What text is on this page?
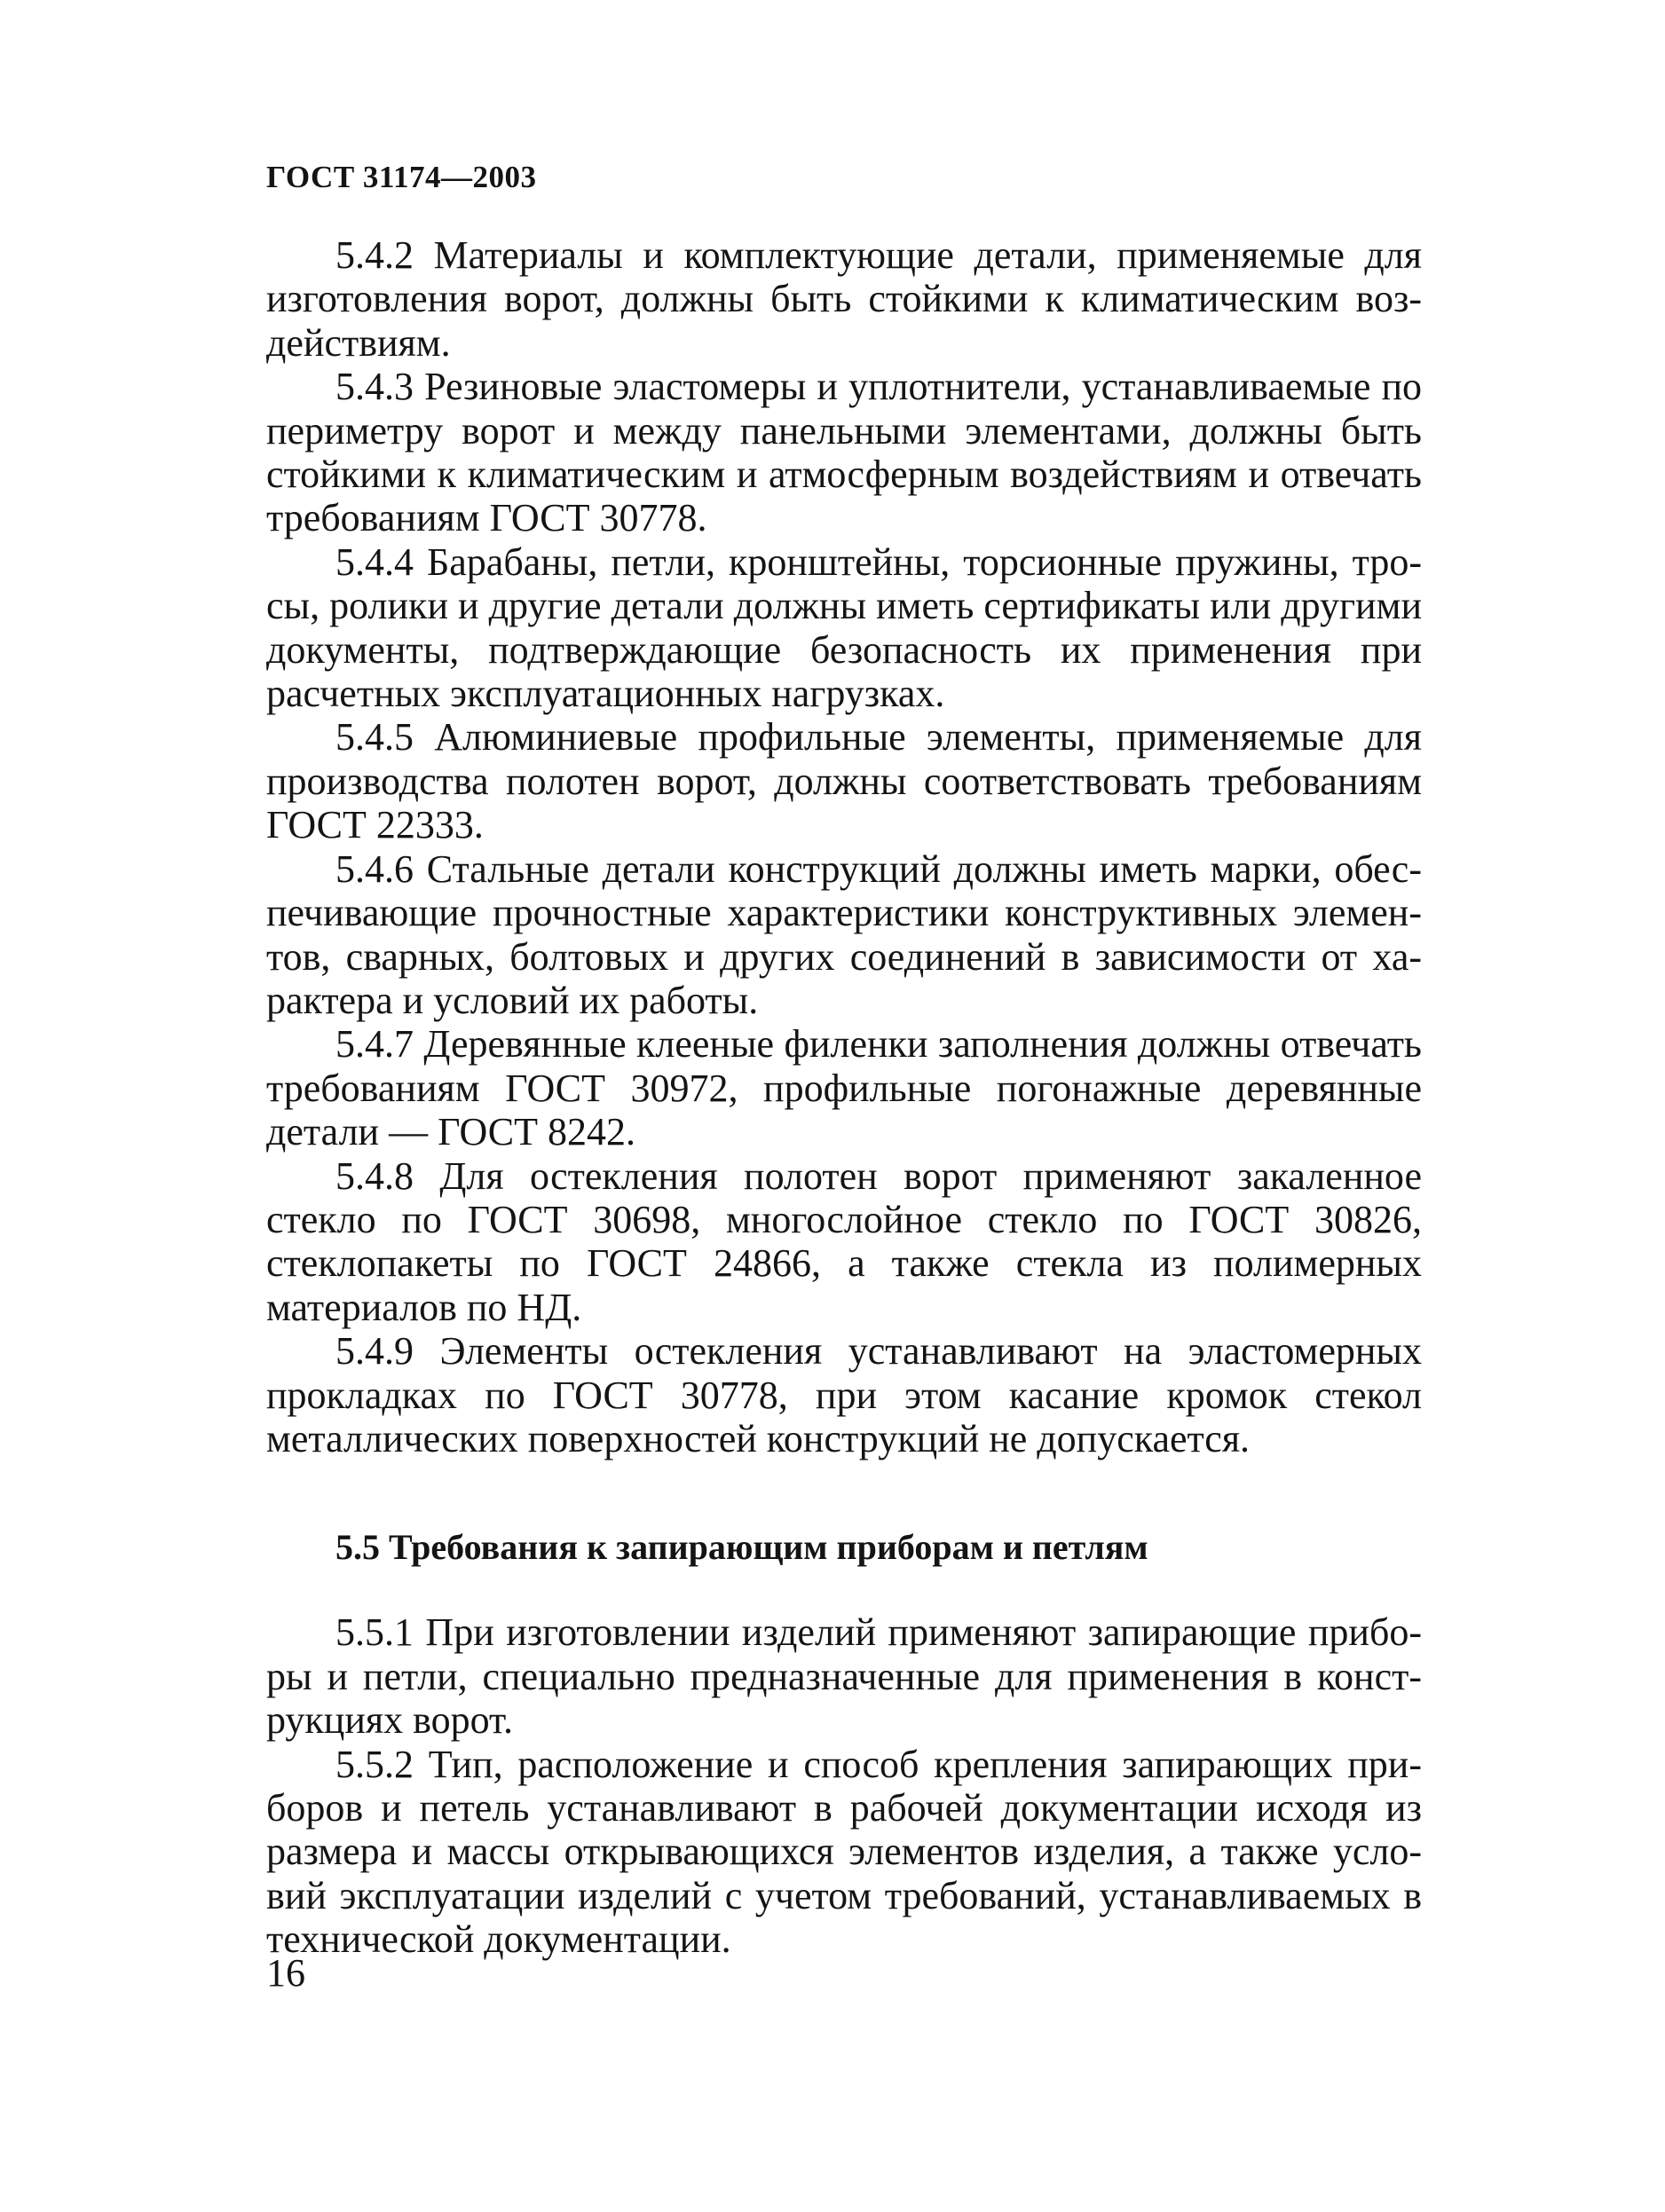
ГОСТ 31174—2003

5.4.2 Материалы и комплектующие детали, применяемые для изготовления ворот, должны быть стойкими к климатическим воздействиям.

5.4.3 Резиновые эластомеры и уплотнители, устанавливаемые по периметру ворот и между панельными элементами, должны быть стойкими к климатическим и атмосферным воздействиям и отвечать требованиям ГОСТ 30778.

5.4.4 Барабаны, петли, кронштейны, торсионные пружины, тросы, ролики и другие детали должны иметь сертификаты или другими документы, подтверждающие безопасность их применения при расчетных эксплуатационных нагрузках.

5.4.5 Алюминиевые профильные элементы, применяемые для производства полотен ворот, должны соответствовать требованиям ГОСТ 22333.

5.4.6 Стальные детали конструкций должны иметь марки, обеспечивающие прочностные характеристики конструктивных элементов, сварных, болтовых и других соединений в зависимости от характера и условий их работы.

5.4.7 Деревянные клееные филенки заполнения должны отвечать требованиям ГОСТ 30972, профильные погонажные деревянные детали — ГОСТ 8242.

5.4.8 Для остекления полотен ворот применяют закаленное стекло по ГОСТ 30698, многослойное стекло по ГОСТ 30826, стеклопакеты по ГОСТ 24866, а также стекла из полимерных материалов по НД.

5.4.9 Элементы остекления устанавливают на эластомерных прокладках по ГОСТ 30778, при этом касание кромок стекол металлических поверхностей конструкций не допускается.

5.5 Требования к запирающим приборам и петлям

5.5.1 При изготовлении изделий применяют запирающие приборы и петли, специально предназначенные для применения в конструкциях ворот.

5.5.2 Тип, расположение и способ крепления запирающих приборов и петель устанавливают в рабочей документации исходя из размера и массы открывающихся элементов изделия, а также условий эксплуатации изделий с учетом требований, устанавливаемых в технической документации.

16
